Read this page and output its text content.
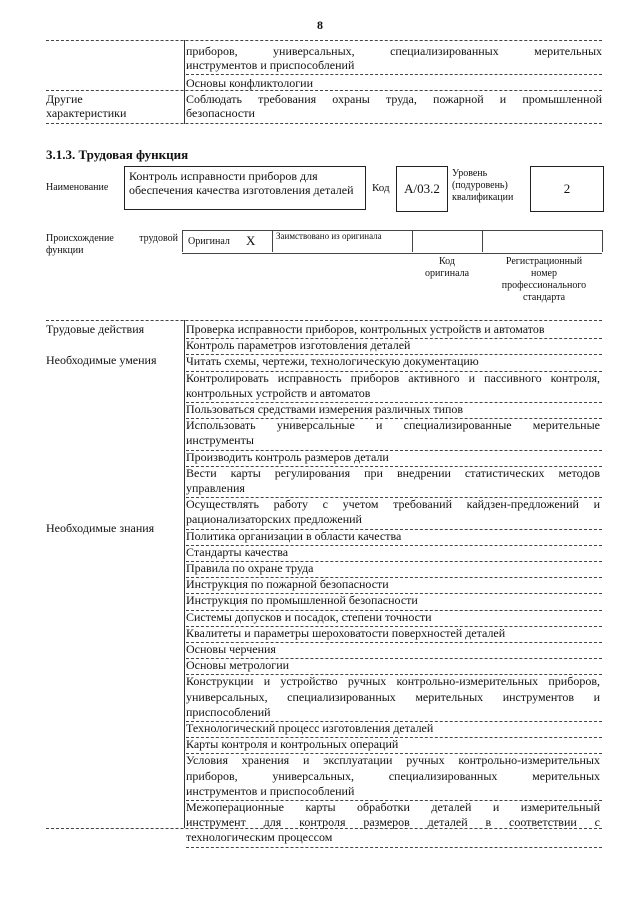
8
приборов, универсальных, специализированных мерительных
инструментов и приспособлений
Основы конфликтологии
Другие характеристики
Соблюдать требования охраны труда, пожарной и промышленной
безопасности
3.1.3. Трудовая функция
Наименование
Контроль исправности приборов для обеспечения качества изготовления деталей	Код	A/03.2
Уровень (подуровень) квалификации
2
Происхождение трудовой функции
Оригинал X Заимствовано из оригинала
Код оригинала
Регистрационный номер профессионального стандарта
Трудовые действия
Необходимые умения
Необходимые знания
Проверка исправности приборов, контрольных устройств и автоматов
Контроль параметров изготовления деталей
Читать схемы, чертежи, технологическую документацию
Контролировать исправность приборов активного и пассивного контроля,
контрольных устройств и автоматов
Пользоваться средствами измерения различных типов
Использовать универсальные и специализированные мерительные
инструменты
Производить контроль размеров детали
Вести карты регулирования при внедрении статистических методов
управления
Осуществлять работу с учетом требований кайдзен-предложений и
рационализаторских предложений
Политика организации в области качества
Стандарты качества
Правила по охране труда
Инструкция по пожарной безопасности
Инструкция по промышленной безопасности
Системы допусков и посадок, степени точности
Квалитеты и параметры шероховатости поверхностей деталей
Основы черчения
Основы метрологии
Конструкции и устройство ручных контрольно-измерительных приборов,
универсальных, специализированных мерительных инструментов и
приспособлений
Технологический процесс изготовления деталей
Карты контроля и контрольных операций
Условия хранения и эксплуатации ручных контрольно-измерительных
приборов, универсальных, специализированных мерительных
инструментов и приспособлений
Межоперационные карты обработки деталей и измерительный
инструмент для контроля размеров деталей в соответствии с
технологическим процессом
